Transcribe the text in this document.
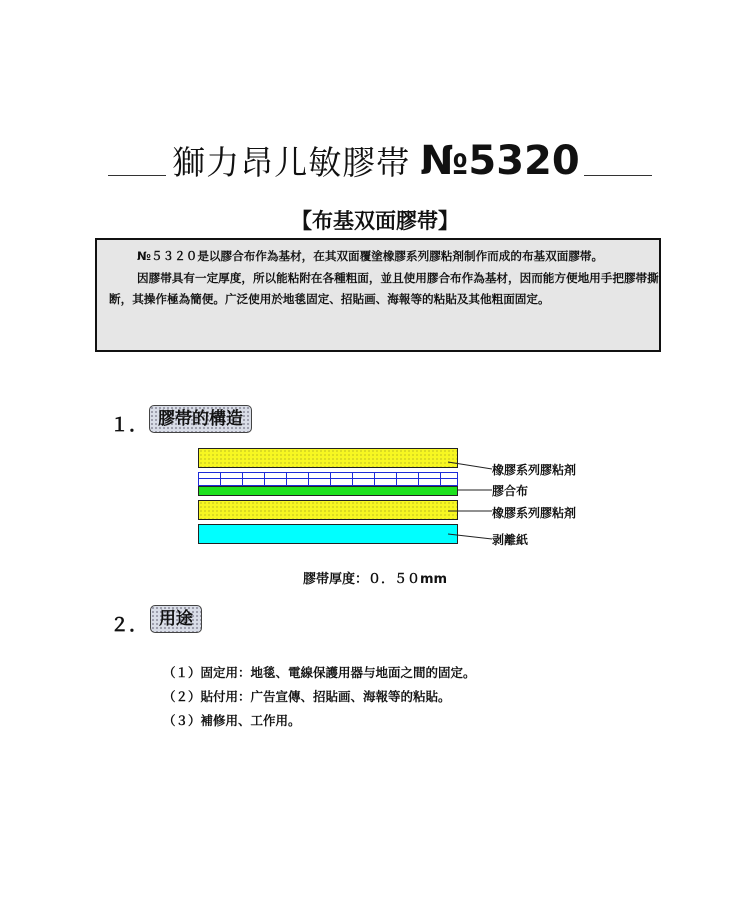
獅力昂儿敏膠帯 №5320
【布基双面膠帯】

№５３２０是以膠合布作為基材，在其双面覆塗橡膠系列膠粘剤制作而成的布基双面膠帯。

因膠帯具有一定厚度，所以能粘附在各種粗面，並且使用膠合布作為基材，因而能方便地用手把膠帯撕断，其操作極為簡便。广泛使用於地毯固定、招貼画、海報等的粘貼及其他粗面固定。

１． 膠帯的構造
橡膠系列膠粘剤
膠合布
橡膠系列膠粘剤
剥離紙
膠帯厚度：０．５０mm
２． 用途
（１）固定用：地毯、電線保護用器与地面之間的固定。
（２）貼付用：广告宣傳、招貼画、海報等的粘貼。
（３）補修用、工作用。
